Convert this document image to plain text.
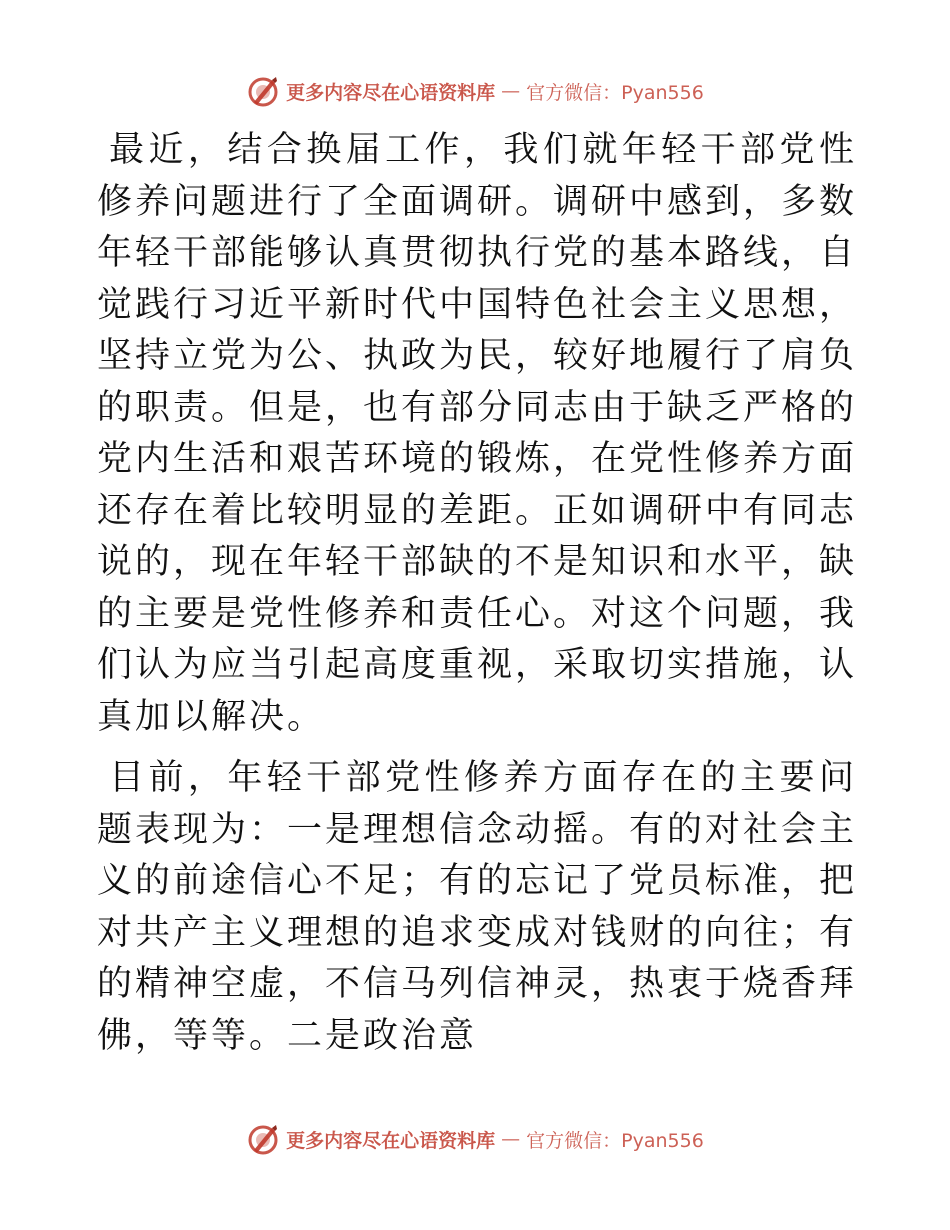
更多内容尽在心语资料库 — 官方微信：Pyan556

最近，结合换届工作，我们就年轻干部党性修养问题进行了全面调研。调研中感到，多数年轻干部能够认真贯彻执行党的基本路线，自觉践行习近平新时代中国特色社会主义思想，坚持立党为公、执政为民，较好地履行了肩负的职责。但是，也有部分同志由于缺乏严格的党内生活和艰苦环境的锻炼，在党性修养方面还存在着比较明显的差距。正如调研中有同志说的，现在年轻干部缺的不是知识和水平，缺的主要是党性修养和责任心。对这个问题，我们认为应当引起高度重视，采取切实措施，认真加以解决。

目前，年轻干部党性修养方面存在的主要问题表现为：一是理想信念动摇。有的对社会主义的前途信心不足；有的忘记了党员标准，把对共产主义理想的追求变成对钱财的向往；有的精神空虚，不信马列信神灵，热衷于烧香拜佛，等等。二是政治意

更多内容尽在心语资料库 — 官方微信：Pyan556
